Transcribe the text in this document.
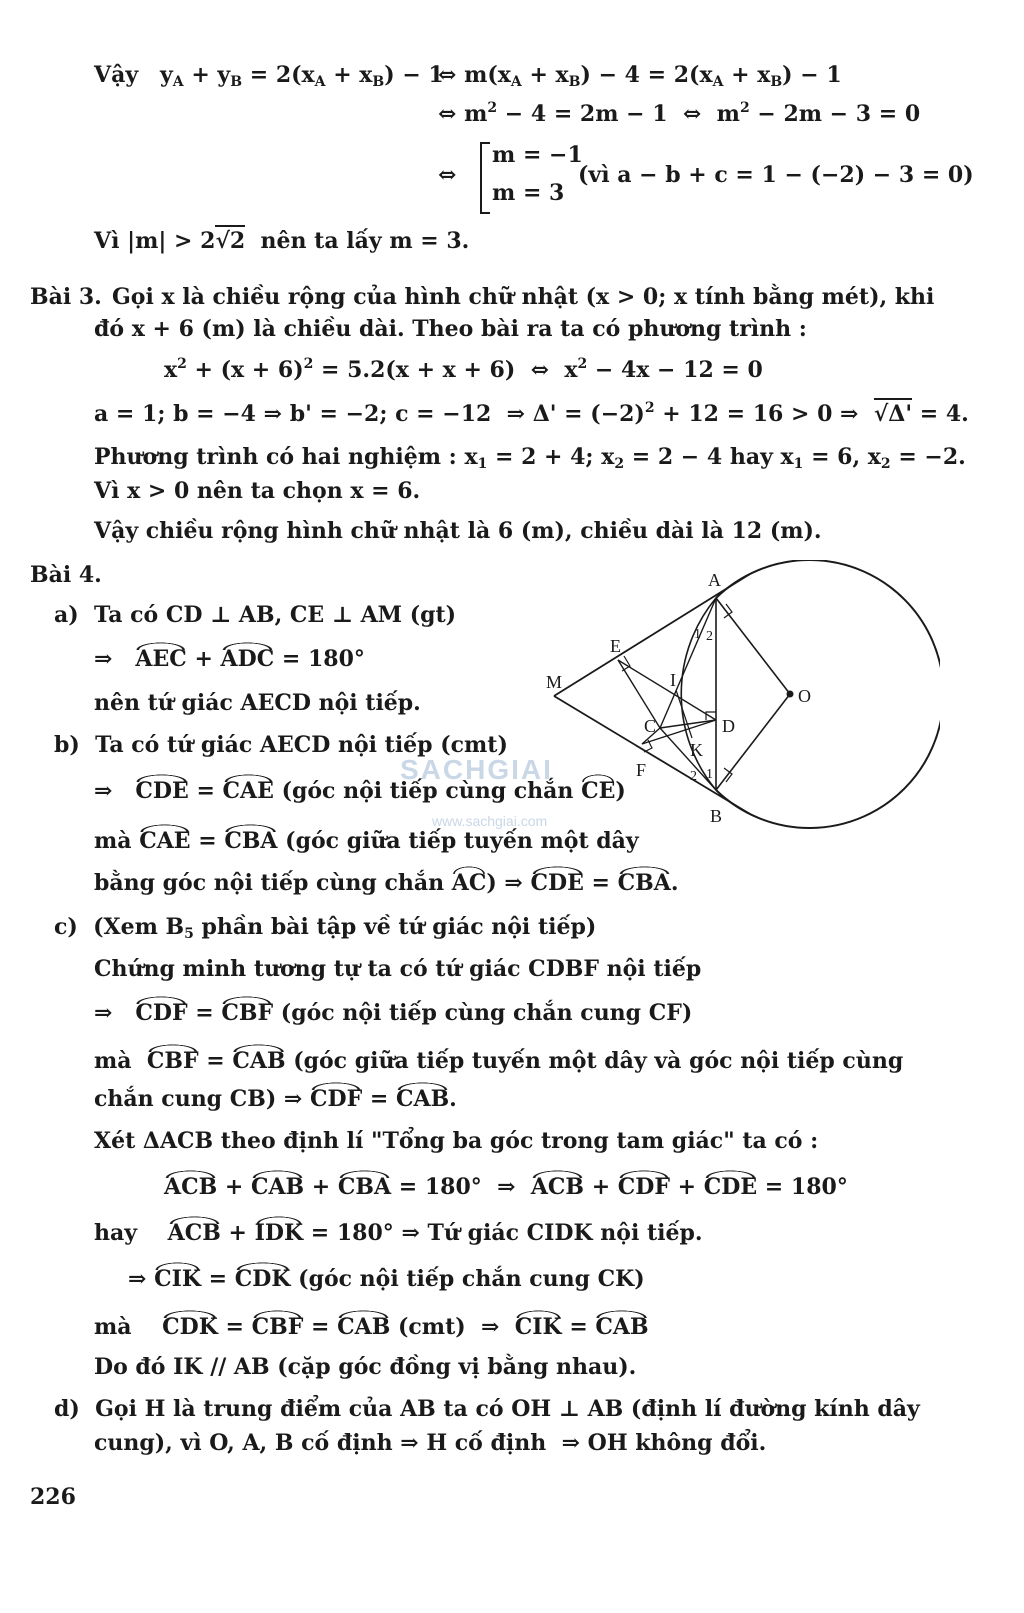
Vậy $y_A + y_B = 2(x_A + x_B) - 1$
⇔ $m(x_A + x_B) - 4 = 2(x_A + x_B) - 1$
⇔ $m^2 - 4 = 2m - 1$  ⇔  $m^2 - 2m - 3 = 0$
⇔
m = −1
m = 3
(vì a − b + c = 1 − (−2) − 3 = 0)
Vì |m| > 2√2  nên ta lấy m = 3.
Bài 3. Gọi x là chiều rộng của hình chữ nhật (x > 0; x tính bằng mét), khi
đó x + 6 (m) là chiều dài. Theo bài ra ta có phương trình :
$x^2 + (x + 6)^2 = 5.2(x + x + 6)$  ⇔  $x^2 - 4x - 12 = 0$
a = 1; b = −4 ⇒ b' = −2; c = −12  ⇒ $\Delta' = (-2)^2 + 12 = 16 > 0$ ⇒  √Δ' = 4.
Phương trình có hai nghiệm : $x_1 = 2 + 4$; $x_2 = 2 - 4$ hay $x_1 = 6$, $x_2 = -2$.
Vì x > 0 nên ta chọn x = 6.
Vậy chiều rộng hình chữ nhật là 6 (m), chiều dài là 12 (m).
Bài 4.
a)  Ta có CD ⊥ AB, CE ⊥ AM (gt)
⇒   AEC + ADC = 180°
nên tứ giác AECD nội tiếp.
b)  Ta có tứ giác AECD nội tiếp (cmt)
⇒   CDE = CAE (góc nội tiếp cùng chắn CE)
mà CAE = CBA (góc giữa tiếp tuyến một dây
bằng góc nội tiếp cùng chắn AC) ⇒ CDE = CBA.
c)  (Xem $B_5$ phần bài tập về tứ giác nội tiếp)
Chứng minh tương tự ta có tứ giác CDBF nội tiếp
⇒   CDF = CBF (góc nội tiếp cùng chắn cung CF)
mà  CBF = CAB (góc giữa tiếp tuyến một dây và góc nội tiếp cùng
chắn cung CB) ⇒ CDF = CAB.
Xét ΔACB theo định lí "Tổng ba góc trong tam giác" ta có :
ACB + CAB + CBA = 180°  ⇒  ACB + CDF + CDE = 180°
hay    ACB + IDK = 180° ⇒ Tứ giác CIDK nội tiếp.
⇒ CIK = CDK (góc nội tiếp chắn cung CK)
mà    CDK = CBF = CAB (cmt)  ⇒  CIK = CAB
Do đó IK // AB (cặp góc đồng vị bằng nhau).
d)  Gọi H là trung điểm của AB ta có OH ⊥ AB (định lí đường kính dây
cung), vì O, A, B cố định ⇒ H cố định  ⇒ OH không đổi.
226
SACHGIAI
www.sachgiai.com
A
B
C	D
E
F
I
K
M
O
1 2
1
2
